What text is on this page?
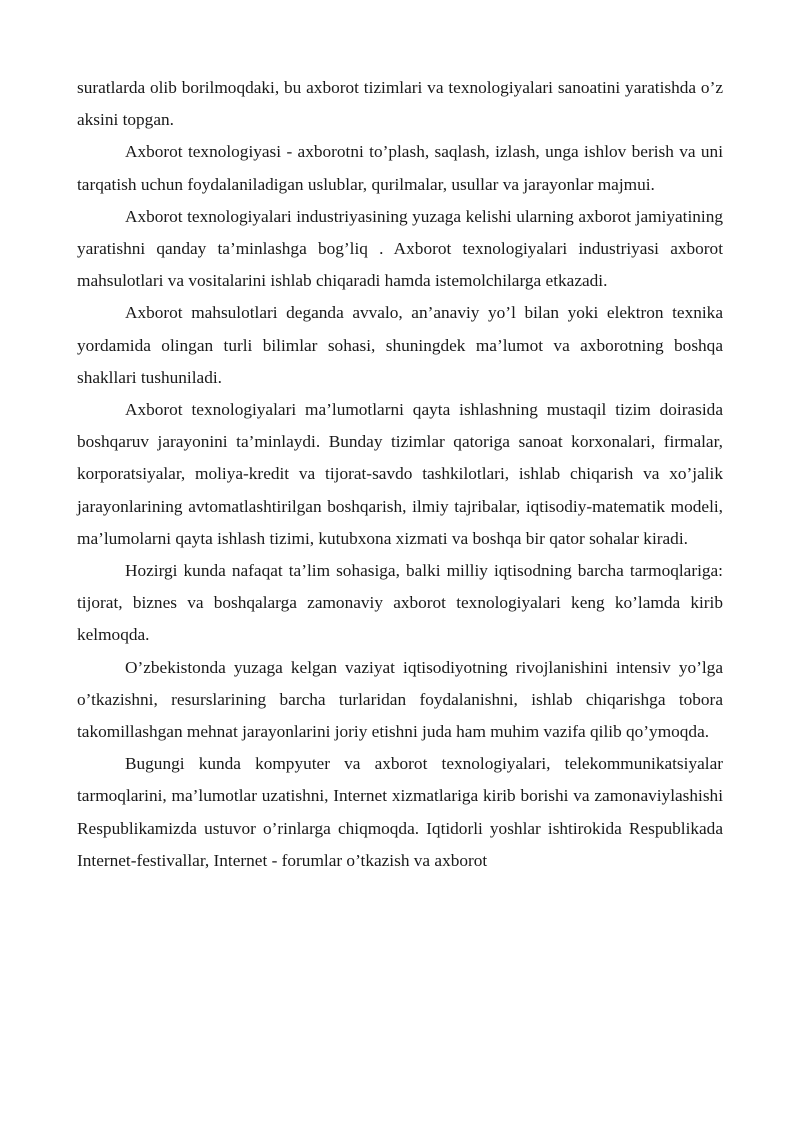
suratlarda olib borilmoqdaki, bu axborot tizimlari va texnologiyalari sanoatini yaratishda o’z aksini topgan.

Axborot texnologiyasi - axborotni to’plash, saqlash, izlash, unga ishlov berish va uni tarqatish uchun foydalaniladigan uslublar, qurilmalar, usullar va jarayonlar majmui.

Axborot texnologiyalari industriyasining yuzaga kelishi ularning axborot jamiyatining yaratishni qanday ta’minlashga bog’liq . Axborot texnologiyalari industriyasi axborot mahsulotlari va vositalarini ishlab chiqaradi hamda istemolchilarga etkazadi.

Axborot mahsulotlari deganda avvalo, an’anaviy yo’l bilan yoki elektron texnika yordamida olingan turli bilimlar sohasi, shuningdek ma’lumot va axborotning boshqa shakllari tushuniladi.

Axborot texnologiyalari ma’lumotlarni qayta ishlashning mustaqil tizim doirasida boshqaruv jarayonini ta’minlaydi. Bunday tizimlar qatoriga sanoat korxonalari, firmalar, korporatsiyalar, moliya-kredit va tijorat-savdo tashkilotlari, ishlab chiqarish va xo’jalik jarayonlarining avtomatlashtirilgan boshqarish, ilmiy tajribalar, iqtisodiy-matematik modeli, ma’lumolarni qayta ishlash tizimi, kutubxona xizmati va boshqa bir qator sohalar kiradi.

Hozirgi kunda nafaqat ta’lim sohasiga, balki milliy iqtisodning barcha tarmoqlariga: tijorat, biznes va boshqalarga zamonaviy axborot texnologiyalari keng ko’lamda kirib kelmoqda.

O’zbekistonda yuzaga kelgan vaziyat iqtisodiyotning rivojlanishini intensiv yo’lga o’tkazishni, resurslarining barcha turlaridan foydalanishni, ishlab chiqarishga tobora takomillashgan mehnat jarayonlarini joriy etishni juda ham muhim vazifa qilib qo’ymoqda.

Bugungi kunda kompyuter va axborot texnologiyalari, telekommunikatsiyalar tarmoqlarini, ma’lumotlar uzatishni, Internet xizmatlariga kirib borishi va zamonaviylashishi Respublikamizda ustuvor o’rinlarga chiqmoqda. Iqtidorli yoshlar ishtirokida Respublikada Internet-festivallar, Internet - forumlar o’tkazish va axborot
